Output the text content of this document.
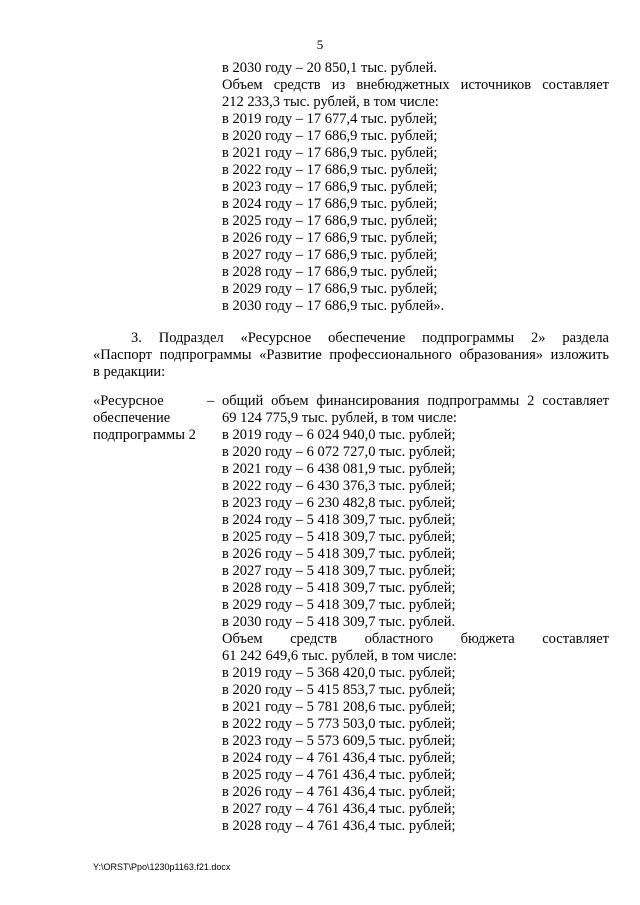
5
в 2030 году – 20 850,1 тыс. рублей.
Объем средств из внебюджетных источников составляет
212 233,3 тыс. рублей, в том числе:
в 2019 году – 17 677,4 тыс. рублей;
в 2020 году – 17 686,9 тыс. рублей;
в 2021 году – 17 686,9 тыс. рублей;
в 2022 году – 17 686,9 тыс. рублей;
в 2023 году – 17 686,9 тыс. рублей;
в 2024 году – 17 686,9 тыс. рублей;
в 2025 году – 17 686,9 тыс. рублей;
в 2026 году – 17 686,9 тыс. рублей;
в 2027 году – 17 686,9 тыс. рублей;
в 2028 году – 17 686,9 тыс. рублей;
в 2029 году – 17 686,9 тыс. рублей;
в 2030 году – 17 686,9 тыс. рублей».
3. Подраздел «Ресурсное обеспечение подпрограммы 2» раздела
«Паспорт подпрограммы «Развитие профессионального образования» изложить
в редакции:
«Ресурсное
обеспечение
подпрограммы 2
– общий объем финансирования подпрограммы 2 составляет
69 124 775,9 тыс. рублей, в том числе:
в 2019 году – 6 024 940,0 тыс. рублей;
в 2020 году – 6 072 727,0 тыс. рублей;
в 2021 году – 6 438 081,9 тыс. рублей;
в 2022 году – 6 430 376,3 тыс. рублей;
в 2023 году – 6 230 482,8 тыс. рублей;
в 2024 году – 5 418 309,7 тыс. рублей;
в 2025 году – 5 418 309,7 тыс. рублей;
в 2026 году – 5 418 309,7 тыс. рублей;
в 2027 году – 5 418 309,7 тыс. рублей;
в 2028 году – 5 418 309,7 тыс. рублей;
в 2029 году – 5 418 309,7 тыс. рублей;
в 2030 году – 5 418 309,7 тыс. рублей.
Объем средств областного бюджета составляет
61 242 649,6 тыс. рублей, в том числе:
в 2019 году – 5 368 420,0 тыс. рублей;
в 2020 году – 5 415 853,7 тыс. рублей;
в 2021 году – 5 781 208,6 тыс. рублей;
в 2022 году – 5 773 503,0 тыс. рублей;
в 2023 году – 5 573 609,5 тыс. рублей;
в 2024 году – 4 761 436,4 тыс. рублей;
в 2025 году – 4 761 436,4 тыс. рублей;
в 2026 году – 4 761 436,4 тыс. рублей;
в 2027 году – 4 761 436,4 тыс. рублей;
в 2028 году – 4 761 436,4 тыс. рублей;
Y:\ORST\Ppo\1230p1163.f21.docx
